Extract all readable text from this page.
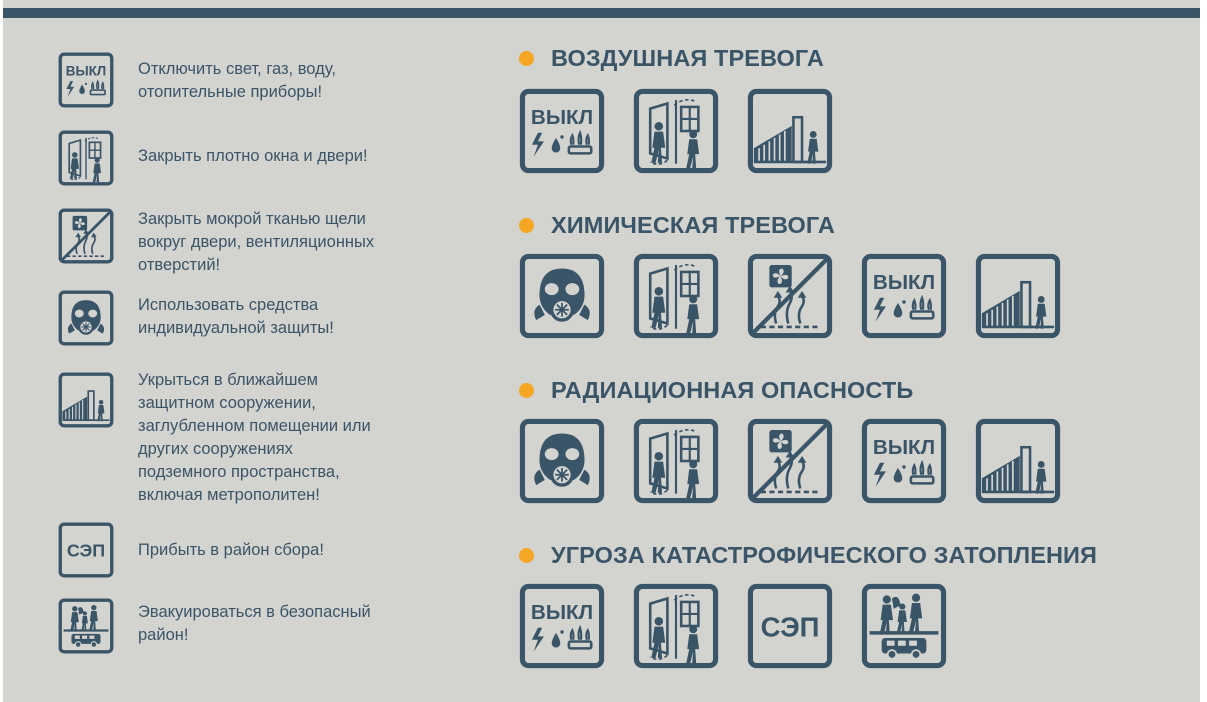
ВЫКЛ Отключить свет, газ, воду,
отопительные приборы!
Закрыть плотно окна и двери!
Закрыть мокрой тканью щели
вокруг двери, вентиляционных
отверстий!
Использовать средства
индивидуальной защиты!
Укрыться в ближайшем
защитном сооружении,
заглубленном помещении или
других сооружениях
подземного пространства,
включая метрополитен!
СЭП Прибыть в район сбора!
Эвакуироваться в безопасный
район!
ВОЗДУШНАЯ ТРЕВОГА
ХИМИЧЕСКАЯ ТРЕВОГА
РАДИАЦИОННАЯ ОПАСНОСТЬ
УГРОЗА КАТАСТРОФИЧЕСКОГО ЗАТОПЛЕНИЯ
ВЫКЛ
ВЫКЛ
ВЫКЛ
ВЫКЛ	СЭП
